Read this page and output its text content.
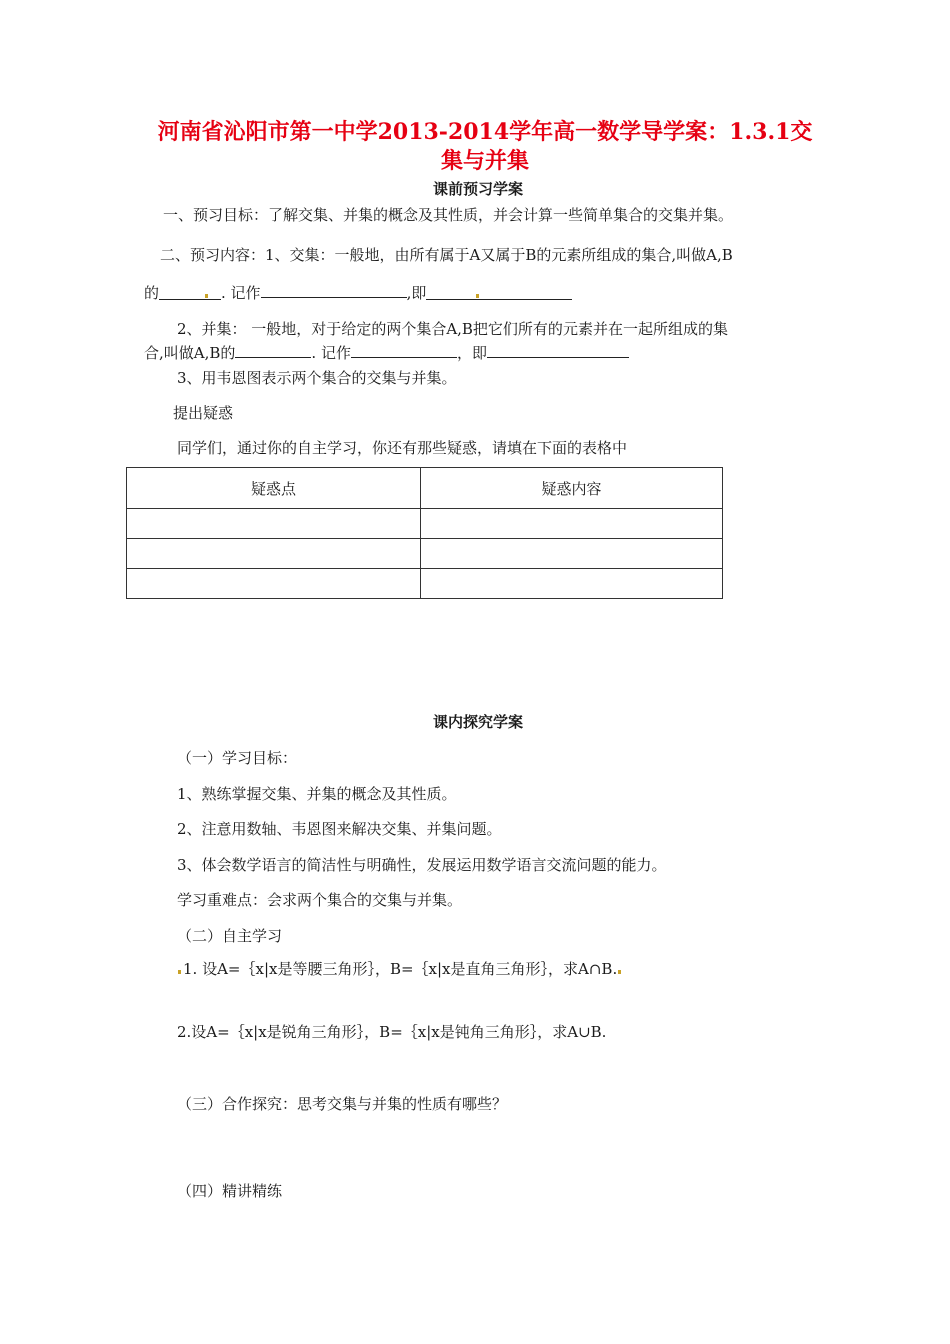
河南省沁阳市第一中学2013-2014学年高一数学导学案：1.3.1交
集与并集
课前预习学案
一、预习目标：了解交集、并集的概念及其性质，并会计算一些简单集合的交集并集。
二、预习内容：1、交集：一般地，由所有属于A又属于B的元素所组成的集合,叫做A,B
的	. 记作	,即
2、并集： 一般地，对于给定的两个集合A,B把它们所有的元素并在一起所组成的集
合,叫做A,B的	. 记作	，即
3、用韦恩图表示两个集合的交集与并集。
提出疑惑
同学们，通过你的自主学习，你还有那些疑惑，请填在下面的表格中
疑惑点	疑惑内容

课内探究学案
（一）学习目标：
1、熟练掌握交集、并集的概念及其性质。
2、注意用数轴、韦恩图来解决交集、并集问题。
3、体会数学语言的简洁性与明确性，发展运用数学语言交流问题的能力。
学习重难点：会求两个集合的交集与并集。
（二）自主学习
1. 设A=｛x|x是等腰三角形｝，B=｛x|x是直角三角形｝，求A∩B.
2.设A=｛x|x是锐角三角形｝，B=｛x|x是钝角三角形｝，求A∪B.
（三）合作探究：思考交集与并集的性质有哪些？
（四）精讲精练
